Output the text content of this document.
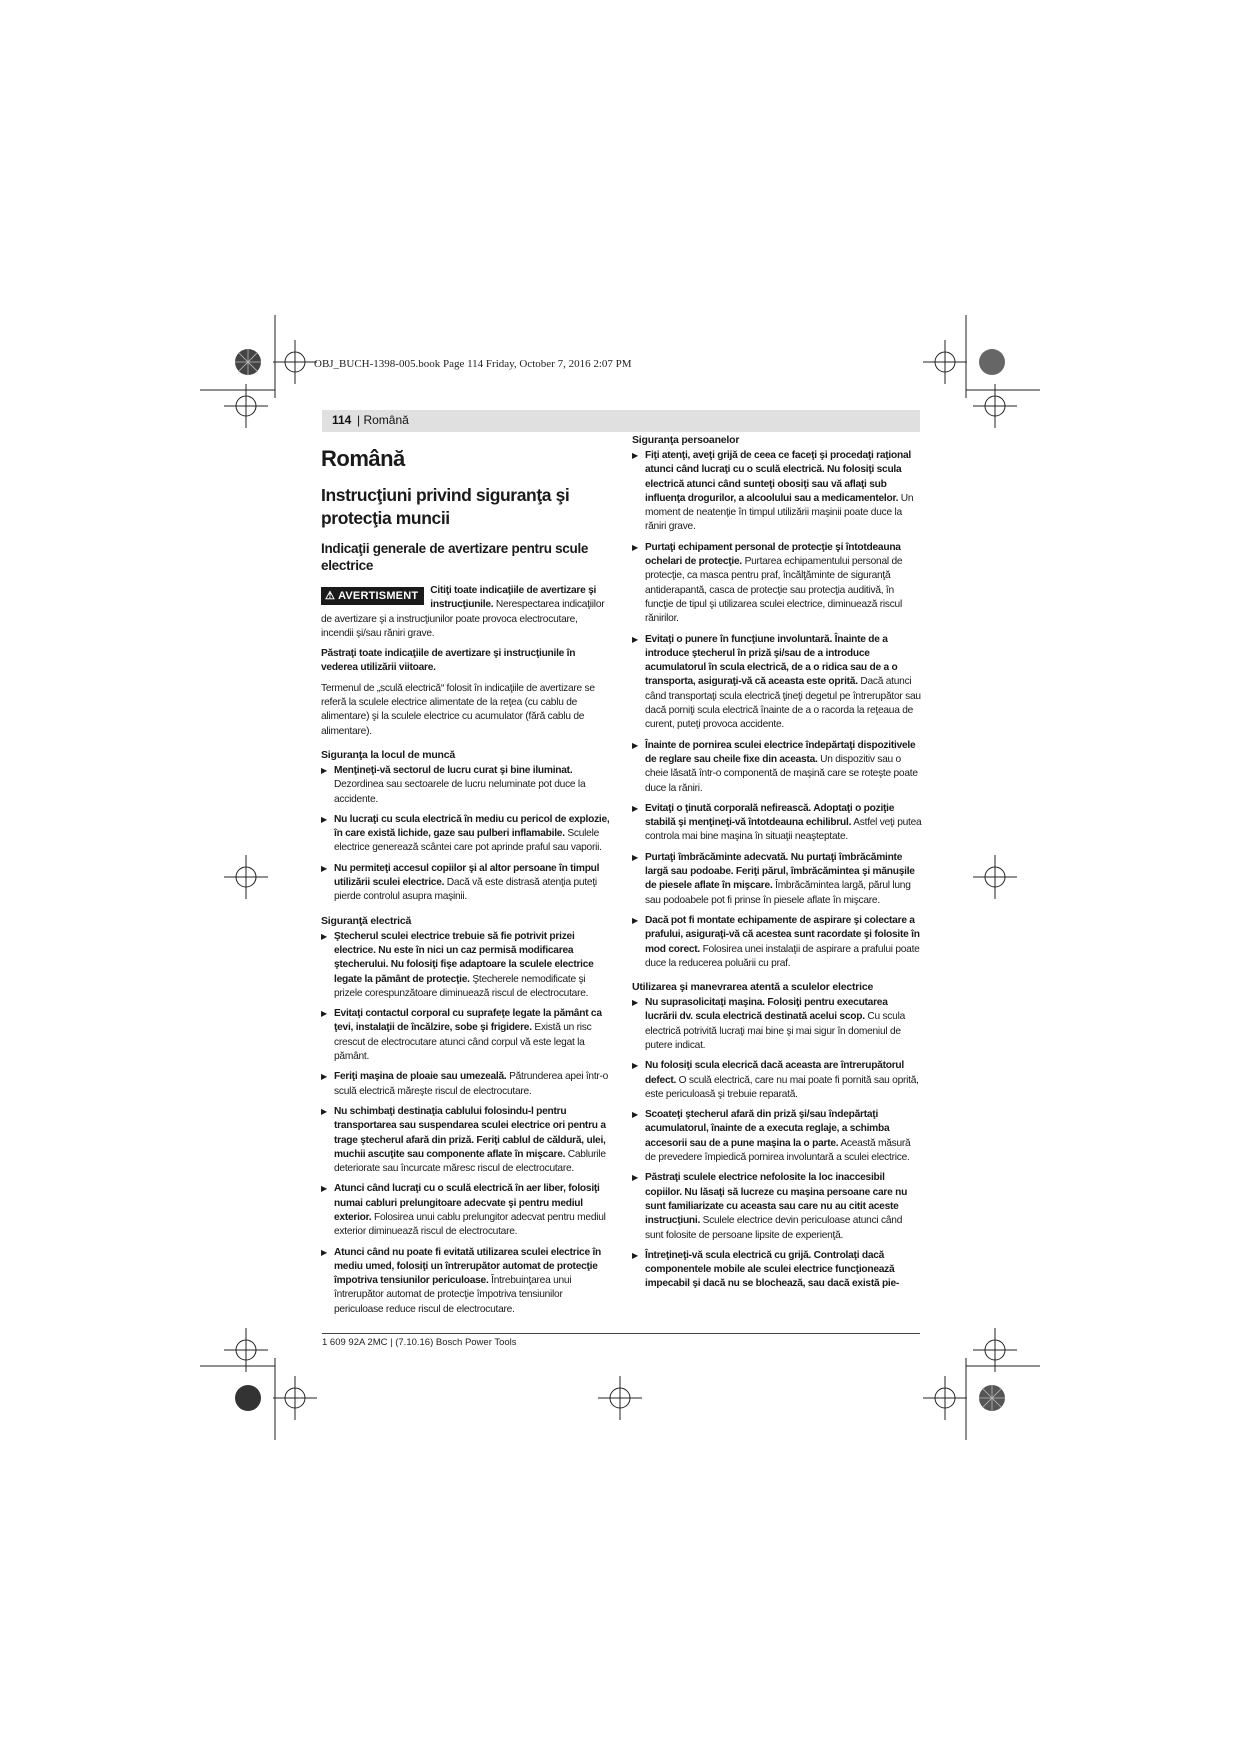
OBJ_BUCH-1398-005.book Page 114 Friday, October 7, 2016 2:07 PM
114 | Română
Română
Instrucţiuni privind siguranţa şi protecţia muncii
Indicaţii generale de avertizare pentru scule electrice

⚠ AVERTISMENT	Citiţi toate indicaţiile de avertizare şi instrucţiunile. Nerespectarea indicaţiilor de avertizare şi a instrucţiunilor poate provoca electrocutare, incendii şi/sau răniri grave.

Păstraţi toate indicaţiile de avertizare şi instrucţiunile în vederea utilizării viitoare.

Termenul de „sculă electrică“ folosit în indicaţiile de avertizare se referă la sculele electrice alimentate de la reţea (cu cablu de alimentare) şi la sculele electrice cu acumulator (fără cablu de alimentare).

Siguranţa la locul de muncă
▶ Menţineţi-vă sectorul de lucru curat şi bine iluminat. Dezordinea sau sectoarele de lucru neluminate pot duce la accidente.
▶ Nu lucraţi cu scula electrică în mediu cu pericol de explozie, în care există lichide, gaze sau pulberi inflamabile. Sculele electrice generează scântei care pot aprinde praful sau vaporii.
▶ Nu permiteţi accesul copiilor şi al altor persoane în timpul utilizării sculei electrice. Dacă vă este distrasă atenţia puteţi pierde controlul asupra maşinii.
Siguranţă electrică
▶ Ştecherul sculei electrice trebuie să fie potrivit prizei electrice. Nu este în nici un caz permisă modificarea ştecherului. Nu folosiţi fişe adaptoare la sculele electrice legate la pământ de protecţie. Ştecherele nemodificate şi prizele corespunzătoare diminuează riscul de electrocutare.
▶ Evitaţi contactul corporal cu suprafeţe legate la pământ ca ţevi, instalaţii de încălzire, sobe şi frigidere. Există un risc crescut de electrocutare atunci când corpul vă este legat la pământ.
▶ Feriţi maşina de ploaie sau umezeală. Pătrunderea apei într-o sculă electrică măreşte riscul de electrocutare.
▶ Nu schimbaţi destinaţia cablului folosindu-l pentru transportarea sau suspendarea sculei electrice ori pentru a trage ştecherul afară din priză. Feriţi cablul de căldură, ulei, muchii ascuţite sau componente aflate în mişcare. Cablurile deteriorate sau încurcate măresc riscul de electrocutare.
▶ Atunci când lucraţi cu o sculă electrică în aer liber, folosiţi numai cabluri prelungitoare adecvate şi pentru mediul exterior. Folosirea unui cablu prelungitor adecvat pentru mediul exterior diminuează riscul de electrocutare.
▶ Atunci când nu poate fi evitată utilizarea sculei electrice în mediu umed, folosiţi un întrerupător automat de protecţie împotriva tensiunilor periculoase. Întrebuinţarea unui întrerupător automat de protecţie împotriva tensiunilor periculoase reduce riscul de electrocutare.
Siguranţa persoanelor
▶ Fiţi atenţi, aveţi grijă de ceea ce faceţi şi procedaţi raţional atunci când lucraţi cu o sculă electrică. Nu folosiţi scula electrică atunci când sunteţi obosiţi sau vă aflaţi sub influenţa drogurilor, a alcoolului sau a medicamentelor. Un moment de neatenţie în timpul utilizării maşinii poate duce la răniri grave.
▶ Purtaţi echipament personal de protecţie şi întotdeauna ochelari de protecţie. Purtarea echipamentului personal de protecţie, ca masca pentru praf, încălţăminte de siguranţă antiderapantă, casca de protecţie sau protecţia auditivă, în funcţie de tipul şi utilizarea sculei electrice, diminuează riscul rănirilor.
▶ Evitaţi o punere în funcţiune involuntară. Înainte de a introduce ştecherul în priză şi/sau de a introduce acumulatorul în scula electrică, de a o ridica sau de a o transporta, asiguraţi-vă că aceasta este oprită. Dacă atunci când transportaţi scula electrică ţineţi degetul pe întrerupător sau dacă porniţi scula electrică înainte de a o racorda la reţeaua de curent, puteţi provoca accidente.
▶ Înainte de pornirea sculei electrice îndepărtaţi dispozitivele de reglare sau cheile fixe din aceasta. Un dispozitiv sau o cheie lăsată într-o componentă de maşină care se roteşte poate duce la răniri.
▶ Evitaţi o ţinută corporală nefirească. Adoptaţi o poziţie stabilă şi menţineţi-vă întotdeauna echilibrul. Astfel veţi putea controla mai bine maşina în situaţii neaşteptate.
▶ Purtaţi îmbrăcăminte adecvată. Nu purtaţi îmbrăcăminte largă sau podoabe. Feriţi părul, îmbrăcămintea şi mănuşile de piesele aflate în mişcare. Îmbrăcămintea largă, părul lung sau podoabele pot fi prinse în piesele aflate în mişcare.
▶ Dacă pot fi montate echipamente de aspirare şi colectare a prafului, asiguraţi-vă că acestea sunt racordate şi folosite în mod corect. Folosirea unei instalaţii de aspirare a prafului poate duce la reducerea poluării cu praf.
Utilizarea şi manevrarea atentă a sculelor electrice
▶ Nu suprasolicitaţi maşina. Folosiţi pentru executarea lucrării dv. scula electrică destinată acelui scop. Cu scula electrică potrivită lucraţi mai bine şi mai sigur în domeniul de putere indicat.
▶ Nu folosiţi scula elecrică dacă aceasta are întrerupătorul defect. O sculă electrică, care nu mai poate fi pornită sau oprită, este periculoasă şi trebuie reparată.
▶ Scoateţi ştecherul afară din priză şi/sau îndepărtaţi acumulatorul, înainte de a executa reglaje, a schimba accesorii sau de a pune maşina la o parte. Această măsură de prevedere împiedică pornirea involuntară a sculei electrice.
▶ Păstraţi sculele electrice nefolosite la loc inaccesibil copiilor. Nu lăsaţi să lucreze cu maşina persoane care nu sunt familiarizate cu aceasta sau care nu au citit aceste instrucţiuni. Sculele electrice devin periculoase atunci când sunt folosite de persoane lipsite de experienţă.
▶ Întreţineţi-vă scula electrică cu grijă. Controlaţi dacă componentele mobile ale sculei electrice funcţionează impecabil şi dacă nu se blochează, sau dacă există pie-
1 609 92A 2MC | (7.10.16) Bosch Power Tools
